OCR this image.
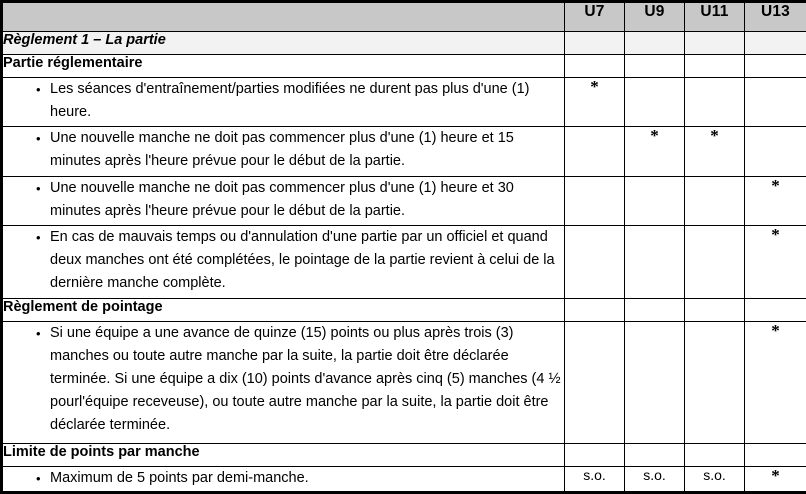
	U7	U9	U11	U13
Règlement 1 – La partie				
Partie réglementaire				

• Les séances d'entraînement/parties modifiées ne durent pas plus d'une (1) heure.	*			

• Une nouvelle manche ne doit pas commencer plus d'une (1) heure et 15 minutes après l'heure prévue pour le début de la partie.		*	*	

• Une nouvelle manche ne doit pas commencer plus d'une (1) heure et 30 minutes après l'heure prévue pour le début de la partie.				*

• En cas de mauvais temps ou d'annulation d'une partie par un officiel et quand deux manches ont été complétées, le pointage de la partie revient à celui de la dernière manche complète.				*
Règlement de pointage				

• Si une équipe a une avance de quinze (15) points ou plus après trois (3) manches ou toute autre manche par la suite, la partie doit être déclarée terminée. Si une équipe a dix (10) points d'avance après cinq (5) manches (4 ½ pourl'équipe receveuse), ou toute autre manche par la suite, la partie doit être déclarée terminée.				*
Limite de points par manche				

• Maximum de 5 points par demi-manche.	s.o.	s.o.	s.o.	*
